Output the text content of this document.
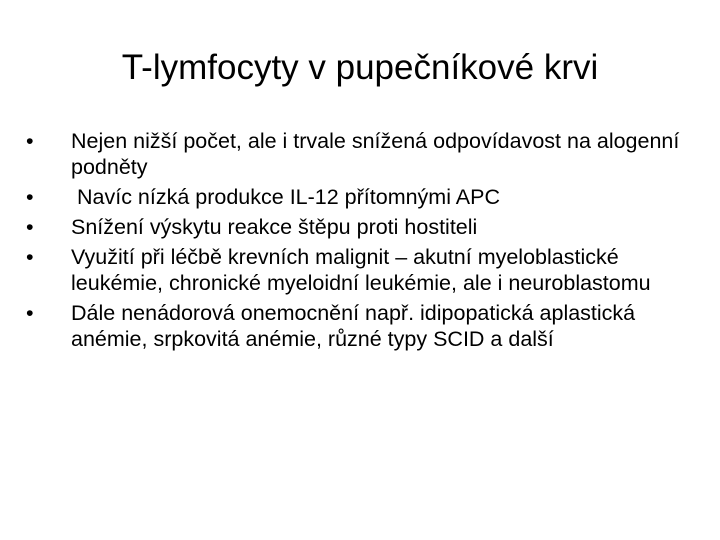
T-lymfocyty v pupečníkové krvi
•	Nejen nižší počet, ale i trvale snížená odpovídavost na alogenní podněty
•	Navíc nízká produkce IL-12 přítomnými APC
•	Snížení výskytu reakce štěpu proti hostiteli
•	Využití při léčbě krevních malignit – akutní myeloblastické leukémie, chronické myeloidní leukémie, ale i neuroblastomu
•	Dále nenádorová onemocnění např. idipopatická aplastická anémie, srpkovitá anémie, různé typy SCID a další
